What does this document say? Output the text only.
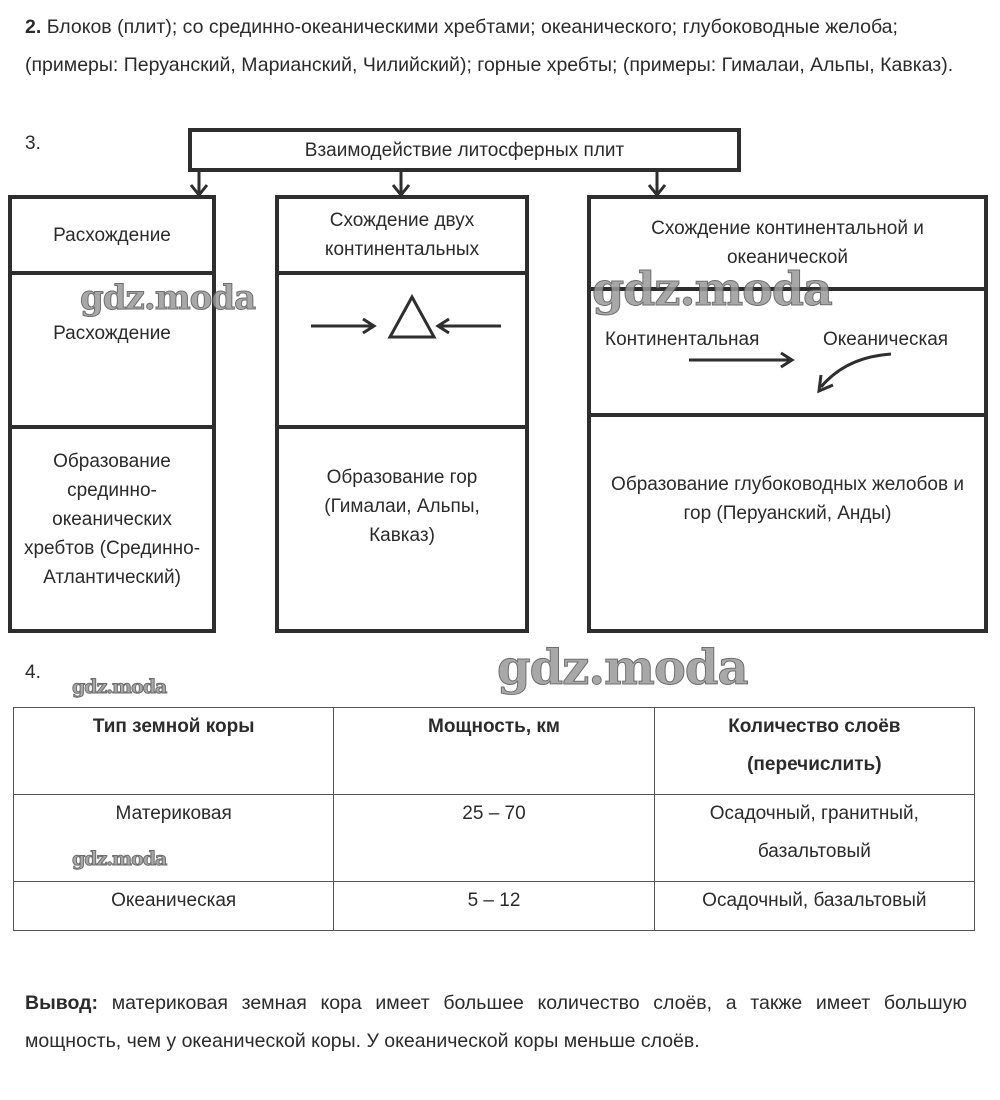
2. Блоков (плит); со срединно-океаническими хребтами; океанического; глубоководные желоба; (примеры: Перуанский, Марианский, Чилийский); горные хребты; (примеры: Гималаи, Альпы, Кавказ).
3.	Взаимодействие литосферных плит
Расхождение
Расхождение
Образование срединно-океанических хребтов (Срединно-Атлантический)
Схождение двух континентальных
Образование гор (Гималаи, Альпы, Кавказ)
Схождение континентальной и океанической
Континентальная	Океаническая
Образование глубоководных желобов и гор (Перуанский, Анды)
4.
Тип земной коры	Мощность, км	Количество слоёв (перечислить)
Материковая	25 – 70	Осадочный, гранитный, базальтовый
Океаническая	5 – 12	Осадочный, базальтовый
Вывод: материковая земная кора имеет большее количество слоёв, а также имеет большую мощность, чем у океанической коры. У океанической коры меньше слоёв.
gdz.moda	gdz.moda
gdz.moda
gdz.moda
gdz.moda
